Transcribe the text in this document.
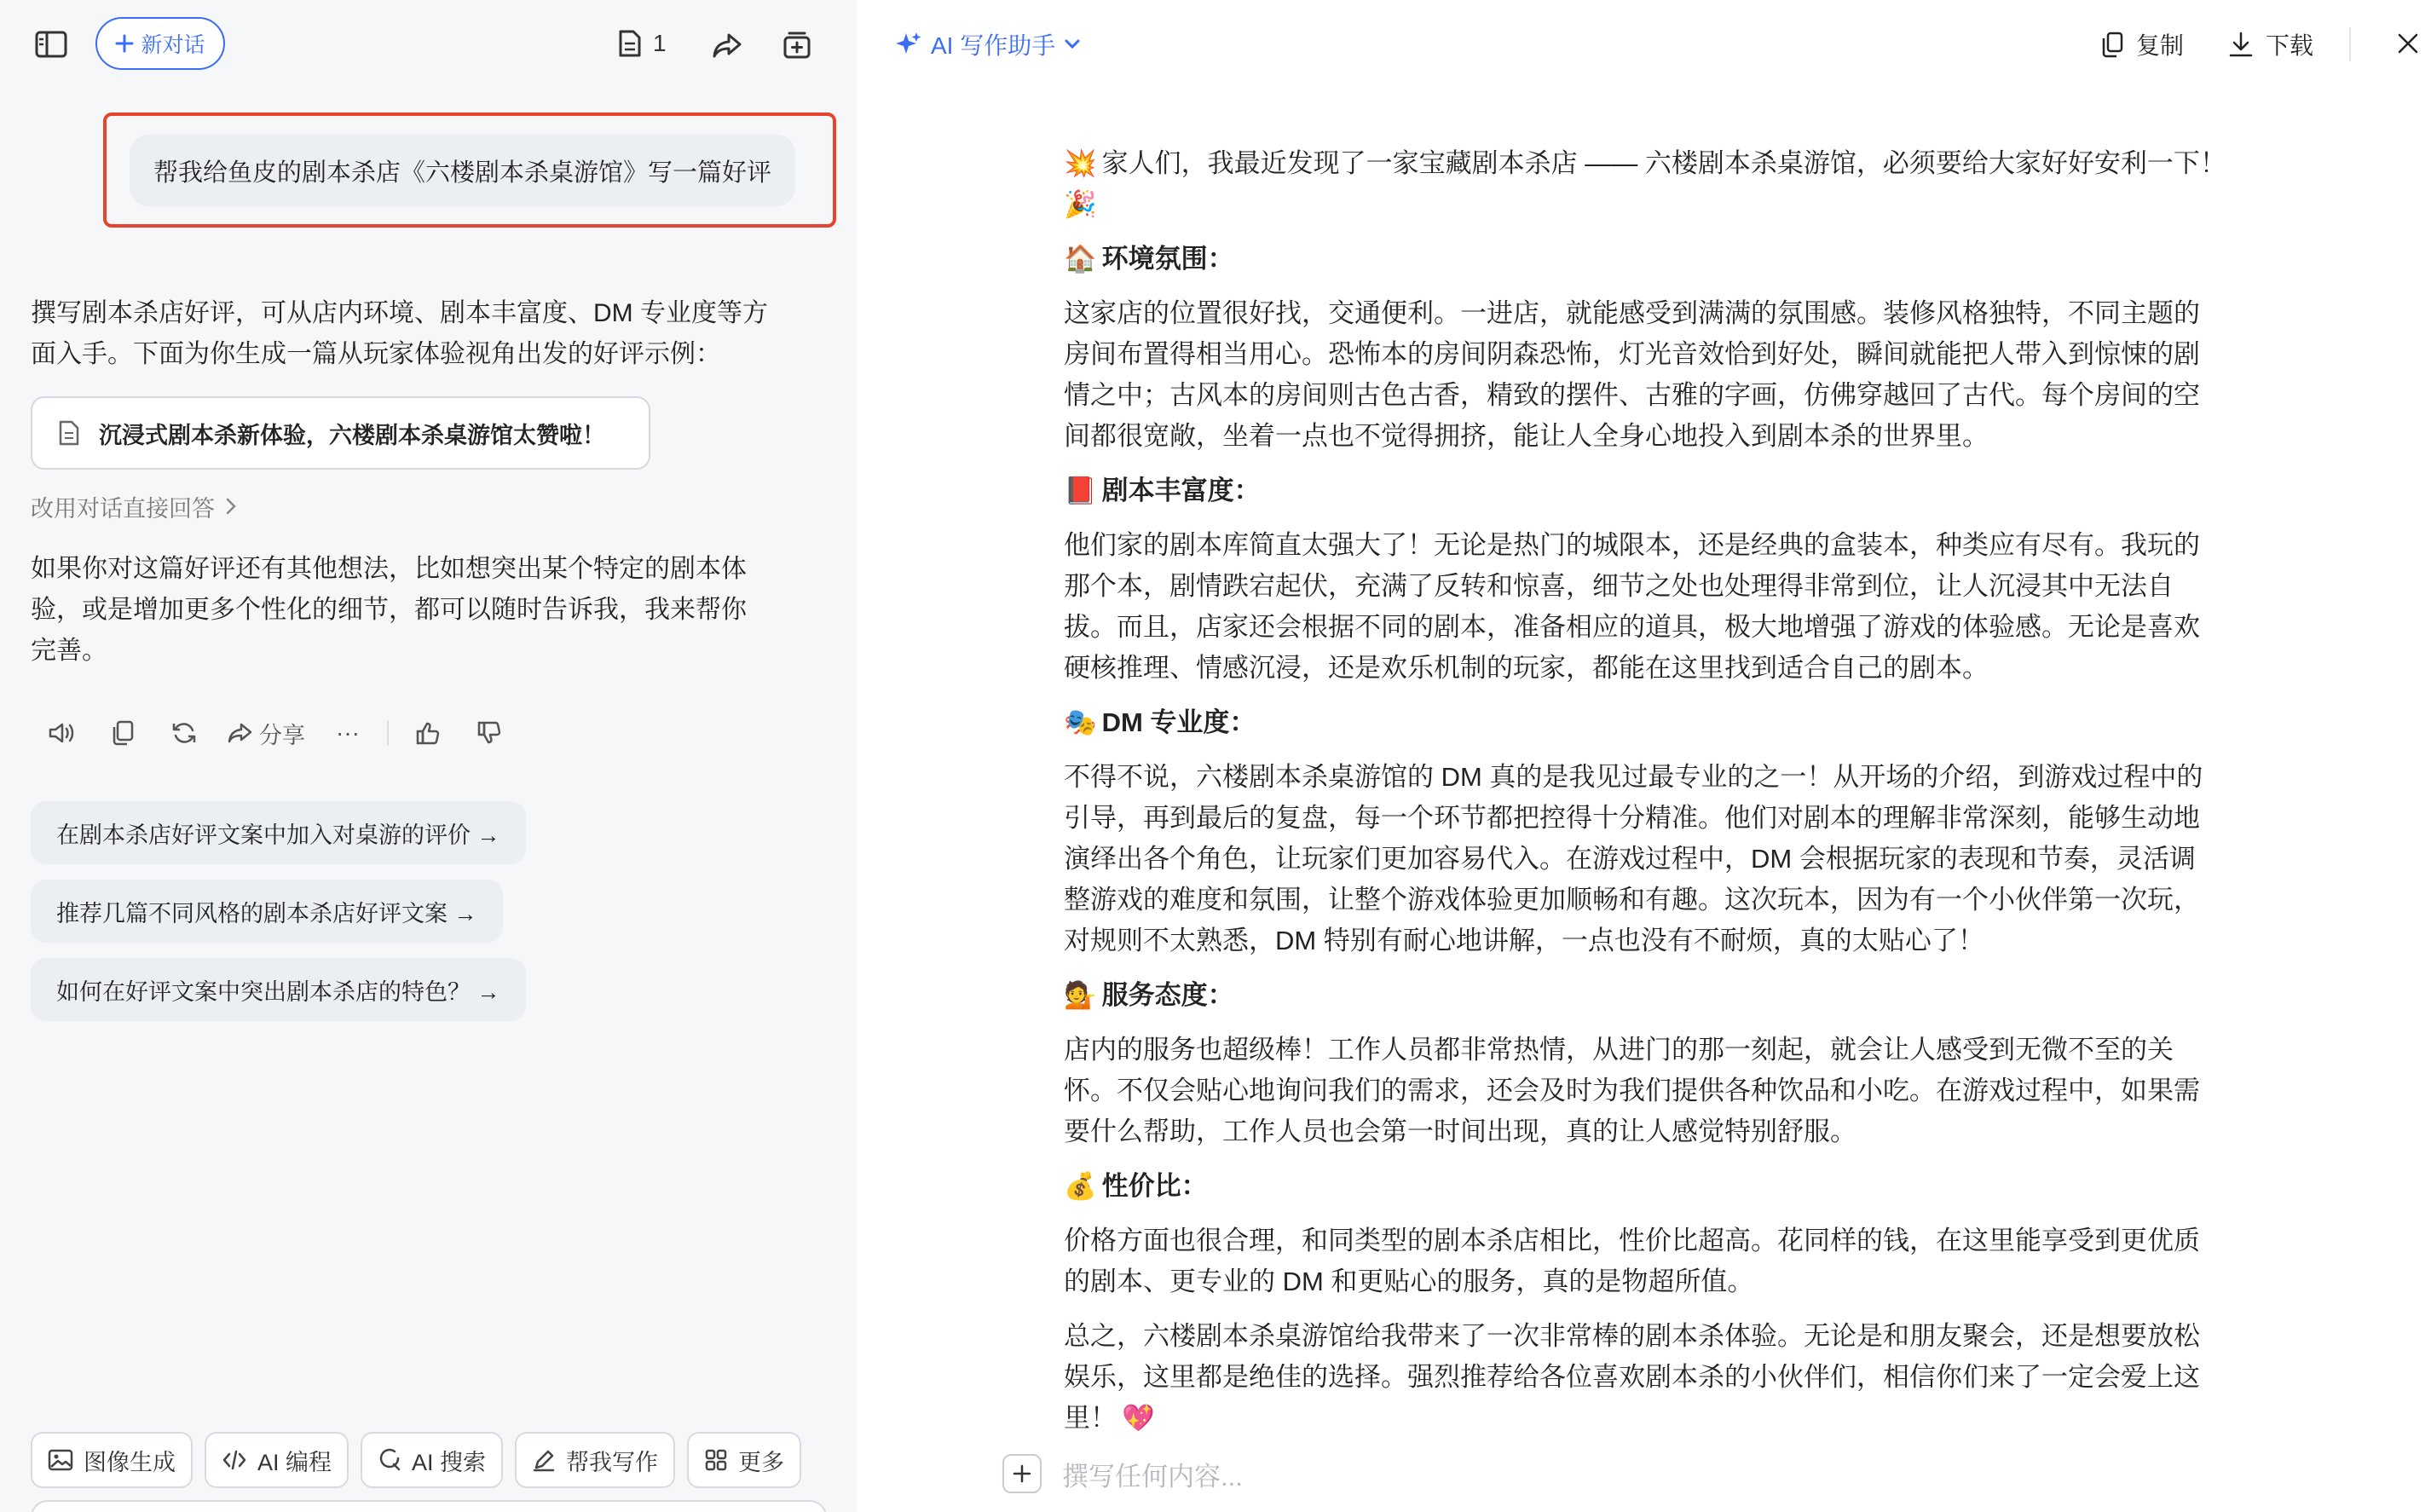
新对话	1
帮我给鱼皮的剧本杀店《六楼剧本杀桌游馆》写一篇好评
撰写剧本杀店好评，可从店内环境、剧本丰富度、DM 专业度等方
面入手。下面为你生成一篇从玩家体验视角出发的好评示例：
沉浸式剧本杀新体验，六楼剧本杀桌游馆太赞啦！
改用对话直接回答
如果你对这篇好评还有其他想法，比如想突出某个特定的剧本体
验，或是增加更多个性化的细节，都可以随时告诉我，我来帮你
完善。
分享 ···
在剧本杀店好评文案中加入对桌游的评价 →
推荐几篇不同风格的剧本杀店好评文案 →
如何在好评文案中突出剧本杀店的特色？ →
图像生成	AI 编程	AI 搜索	帮我写作	更多
AI 写作助手	复制	下载

💥 家人们，我最近发现了一家宝藏剧本杀店 —— 六楼剧本杀桌游馆，必须要给大家好好安利一下！

🎉

🏠 环境氛围：

这家店的位置很好找，交通便利。一进店，就能感受到满满的氛围感。装修风格独特，不同主题的

房间布置得相当用心。恐怖本的房间阴森恐怖，灯光音效恰到好处，瞬间就能把人带入到惊悚的剧

情之中；古风本的房间则古色古香，精致的摆件、古雅的字画，仿佛穿越回了古代。每个房间的空

间都很宽敞，坐着一点也不觉得拥挤，能让人全身心地投入到剧本杀的世界里。

📕 剧本丰富度：

他们家的剧本库简直太强大了！无论是热门的城限本，还是经典的盒装本，种类应有尽有。我玩的

那个本，剧情跌宕起伏，充满了反转和惊喜，细节之处也处理得非常到位，让人沉浸其中无法自

拔。而且，店家还会根据不同的剧本，准备相应的道具，极大地增强了游戏的体验感。无论是喜欢

硬核推理、情感沉浸，还是欢乐机制的玩家，都能在这里找到适合自己的剧本。

🎭 DM 专业度：

不得不说，六楼剧本杀桌游馆的 DM 真的是我见过最专业的之一！从开场的介绍，到游戏过程中的

引导，再到最后的复盘，每一个环节都把控得十分精准。他们对剧本的理解非常深刻，能够生动地

演绎出各个角色，让玩家们更加容易代入。在游戏过程中，DM 会根据玩家的表现和节奏，灵活调

整游戏的难度和氛围，让整个游戏体验更加顺畅和有趣。这次玩本，因为有一个小伙伴第一次玩，

对规则不太熟悉，DM 特别有耐心地讲解，一点也没有不耐烦，真的太贴心了！

💁 服务态度：

店内的服务也超级棒！工作人员都非常热情，从进门的那一刻起，就会让人感受到无微不至的关

怀。不仅会贴心地询问我们的需求，还会及时为我们提供各种饮品和小吃。在游戏过程中，如果需

要什么帮助，工作人员也会第一时间出现，真的让人感觉特别舒服。

💰 性价比：

价格方面也很合理，和同类型的剧本杀店相比，性价比超高。花同样的钱，在这里能享受到更优质

的剧本、更专业的 DM 和更贴心的服务，真的是物超所值。

总之，六楼剧本杀桌游馆给我带来了一次非常棒的剧本杀体验。无论是和朋友聚会，还是想要放松

娱乐，这里都是绝佳的选择。强烈推荐给各位喜欢剧本杀的小伙伴们，相信你们来了一定会爱上这

里！ 💖

撰写任何内容...
